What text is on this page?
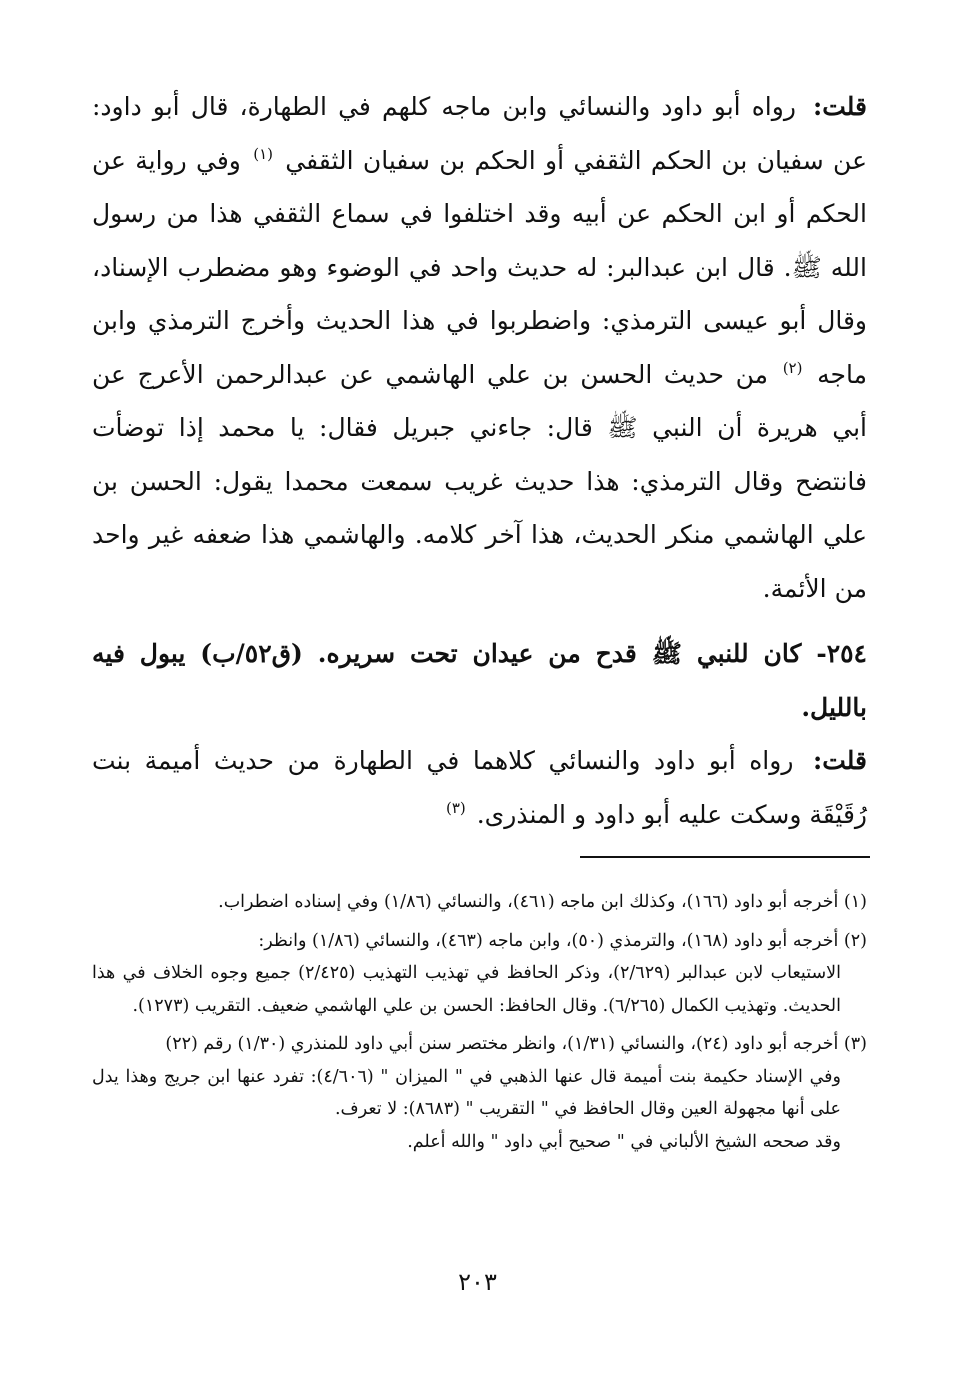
قلت: رواه أبو داود والنسائي وابن ماجه كلهم في الطهارة، قال أبو داود: عن سفيان بن الحكم الثقفي أو الحكم بن سفيان الثقفي $^{(١)}$ وفي رواية عن الحكم أو ابن الحكم عن أبيه وقد اختلفوا في سماع الثقفي هذا من رسول الله ﷺ. قال ابن عبدالبر: له حديث واحد في الوضوء وهو مضطرب الإسناد، وقال أبو عيسى الترمذي: واضطربوا في هذا الحديث وأخرج الترمذي وابن ماجه $^{(٢)}$ من حديث الحسن بن علي الهاشمي عن عبدالرحمن الأعرج عن أبي هريرة أن النبي ﷺ قال: جاءني جبريل فقال: يا محمد إذا توضأت فانتضح وقال الترمذي: هذا حديث غريب سمعت محمدا يقول: الحسن بن علي الهاشمي منكر الحديث، هذا آخر كلامه. والهاشمي هذا ضعفه غير واحد من الأئمة.

٢٥٤- كان للنبي ﷺ قدح من عيدان تحت سريره. (ق٥٢/ب) يبول فيه بالليل.

قلت: رواه أبو داود والنسائي كلاهما في الطهارة من حديث أميمة بنت رُقَيْقَة وسكت عليه أبو داود و المنذرى. $^{(٣)}$

(١) أخرجه أبو داود (١٦٦)، وكذلك ابن ماجه (٤٦١)، والنسائي (١/٨٦) وفي إسناده اضطراب.

(٢) أخرجه أبو داود (١٦٨)، والترمذي (٥٠)، وابن ماجه (٤٦٣)، والنسائي (١/٨٦) وانظر:
الاستيعاب لابن عبدالبر (٢/٦٢٩)، وذكر الحافظ في تهذيب التهذيب (٢/٤٢٥) جميع وجوه الخلاف في هذا الحديث. وتهذيب الكمال (٦/٢٦٥). وقال الحافظ: الحسن بن علي الهاشمي ضعيف. التقريب (١٢٧٣).

(٣) أخرجه أبو داود (٢٤)، والنسائي (١/٣١)، وانظر مختصر سنن أبي داود للمنذري (١/٣٠) رقم (٢٢)
وفي الإسناد حكيمة بنت أميمة قال عنها الذهبي في " الميزان " (٤/٦٠٦): تفرد عنها ابن جريج وهذا يدل على أنها مجهولة العين وقال الحافظ في " التقريب " (٨٦٨٣): لا تعرف.
وقد صححه الشيخ الألباني في " صحيح أبي داود " والله أعلم.

٢٠٣
